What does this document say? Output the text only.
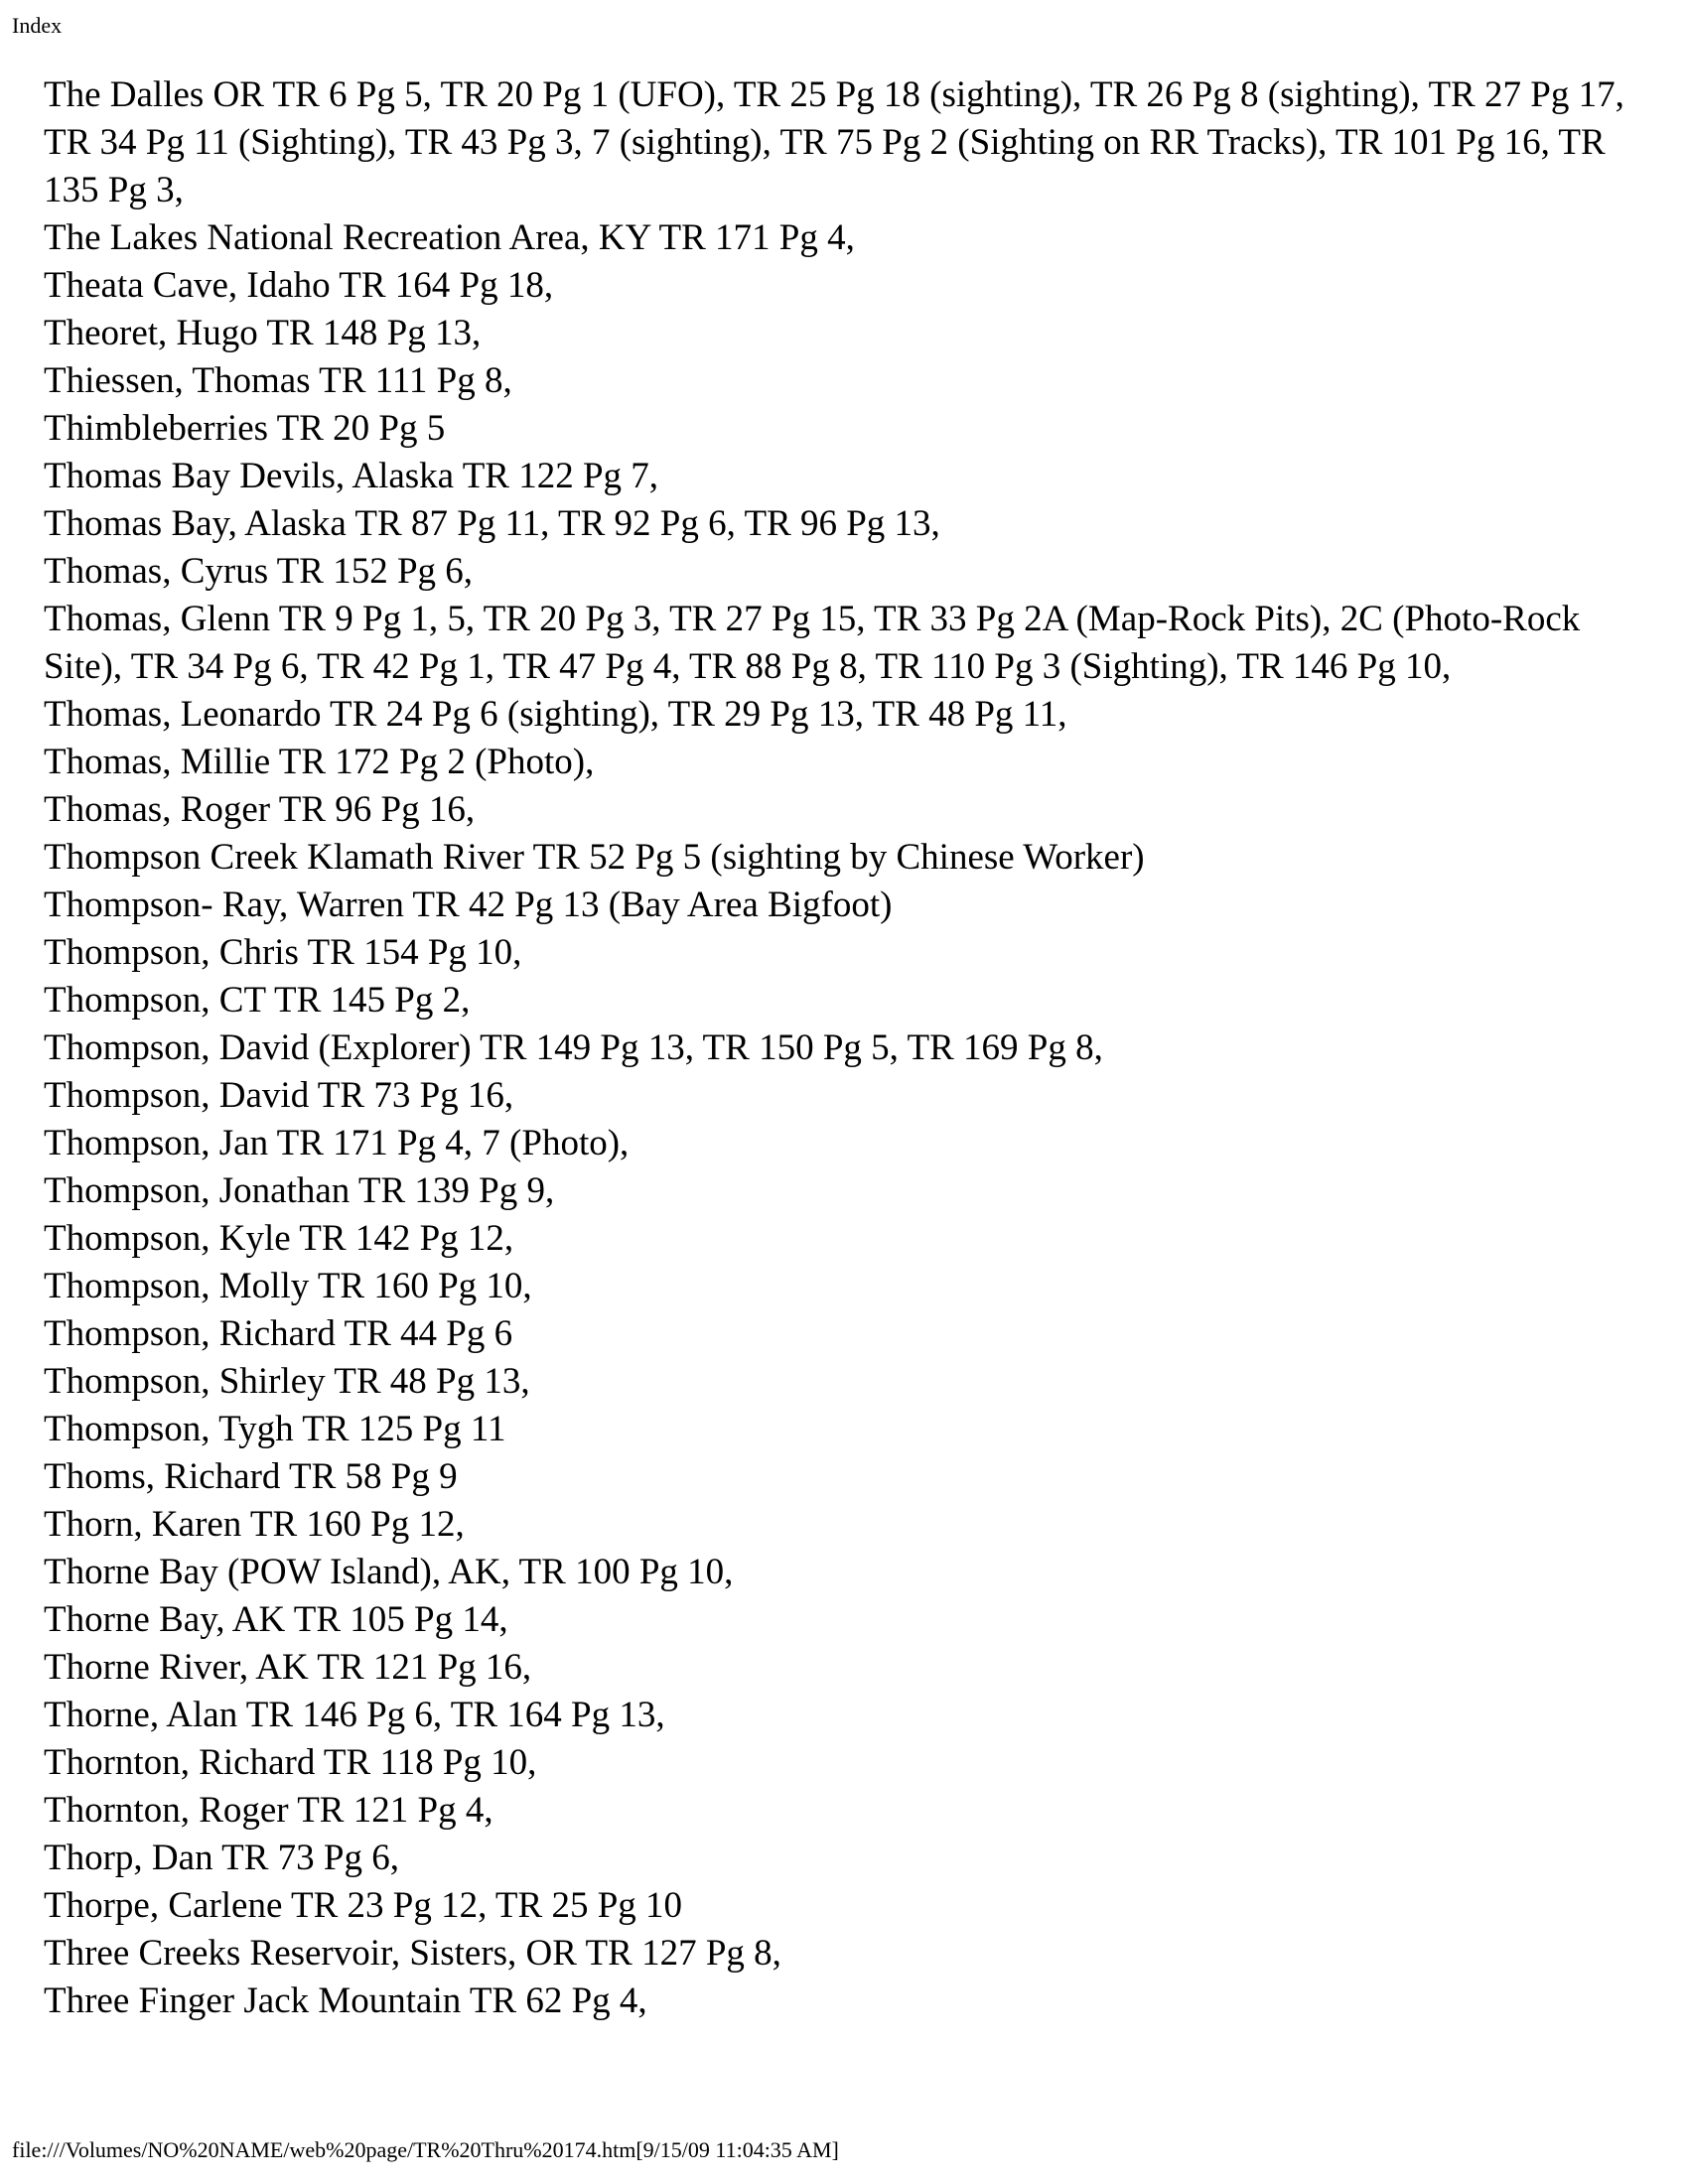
Index
The Dalles OR TR 6 Pg 5, TR 20 Pg 1 (UFO), TR 25 Pg 18 (sighting), TR 26 Pg 8 (sighting), TR 27 Pg 17, TR 34 Pg 11 (Sighting), TR 43 Pg 3, 7 (sighting), TR 75 Pg 2 (Sighting on RR Tracks), TR 101 Pg 16, TR 135 Pg 3,
The Lakes National Recreation Area, KY TR 171 Pg 4,
Theata Cave, Idaho TR 164 Pg 18,
Theoret, Hugo TR 148 Pg 13,
Thiessen, Thomas TR 111 Pg 8,
Thimbleberries TR 20 Pg 5
Thomas Bay Devils, Alaska TR 122 Pg 7,
Thomas Bay, Alaska TR 87 Pg 11, TR 92 Pg 6, TR 96 Pg 13,
Thomas, Cyrus TR 152 Pg 6,
Thomas, Glenn TR 9 Pg 1, 5, TR 20 Pg 3, TR 27 Pg 15, TR 33 Pg 2A (Map-Rock Pits), 2C (Photo-Rock Site), TR 34 Pg 6, TR 42 Pg 1, TR 47 Pg 4, TR 88 Pg 8, TR 110 Pg 3 (Sighting), TR 146 Pg 10,
Thomas, Leonardo TR 24 Pg 6 (sighting), TR 29 Pg 13, TR 48 Pg 11,
Thomas, Millie TR 172 Pg 2 (Photo),
Thomas, Roger TR 96 Pg 16,
Thompson Creek Klamath River TR 52 Pg 5 (sighting by Chinese Worker)
Thompson- Ray, Warren TR 42 Pg 13 (Bay Area Bigfoot)
Thompson, Chris TR 154 Pg 10,
Thompson, CT TR 145 Pg 2,
Thompson, David (Explorer) TR 149 Pg 13, TR 150 Pg 5, TR 169 Pg 8,
Thompson, David TR 73 Pg 16,
Thompson, Jan TR 171 Pg 4, 7 (Photo),
Thompson, Jonathan TR 139 Pg 9,
Thompson, Kyle TR 142 Pg 12,
Thompson, Molly TR 160 Pg 10,
Thompson, Richard TR 44 Pg 6
Thompson, Shirley TR 48 Pg 13,
Thompson, Tygh TR 125 Pg 11
Thoms, Richard TR 58 Pg 9
Thorn, Karen TR 160 Pg 12,
Thorne Bay (POW Island), AK, TR 100 Pg 10,
Thorne Bay, AK TR 105 Pg 14,
Thorne River, AK TR 121 Pg 16,
Thorne, Alan TR 146 Pg 6, TR 164 Pg 13,
Thornton, Richard TR 118 Pg 10,
Thornton, Roger TR 121 Pg 4,
Thorp, Dan TR 73 Pg 6,
Thorpe, Carlene TR 23 Pg 12, TR 25 Pg 10
Three Creeks Reservoir, Sisters, OR TR 127 Pg 8,
Three Finger Jack Mountain TR 62 Pg 4,
file:///Volumes/NO%20NAME/web%20page/TR%20Thru%20174.htm[9/15/09 11:04:35 AM]
